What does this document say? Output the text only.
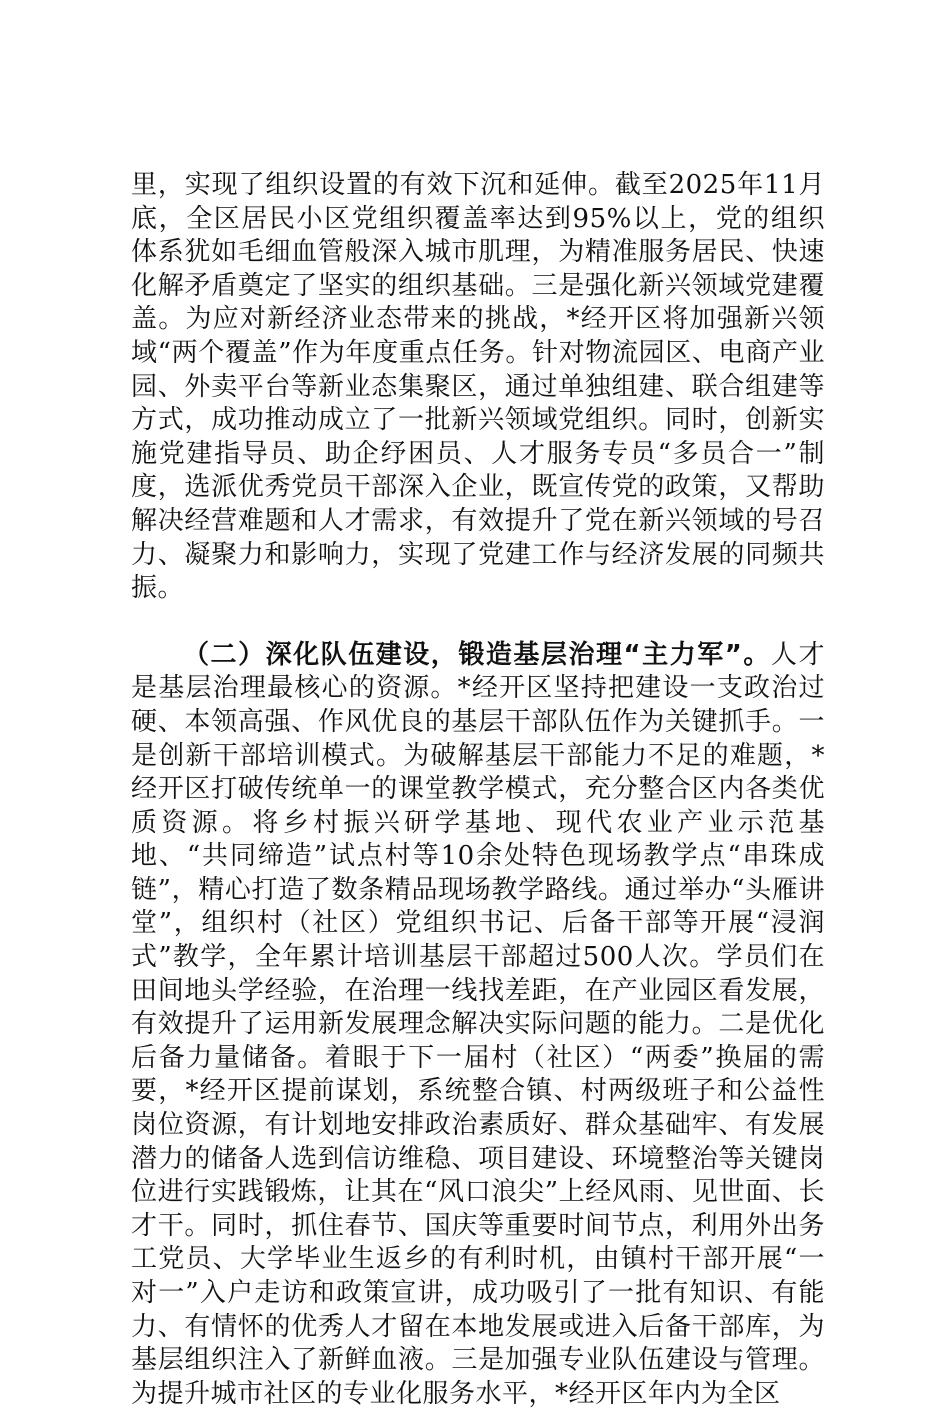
里，实现了组织设置的有效下沉和延伸。截至2025年11月底，全区居民小区党组织覆盖率达到95%以上，党的组织体系犹如毛细血管般深入城市肌理，为精准服务居民、快速化解矛盾奠定了坚实的组织基础。三是强化新兴领域党建覆盖。为应对新经济业态带来的挑战，*经开区将加强新兴领域“两个覆盖”作为年度重点任务。针对物流园区、电商产业园、外卖平台等新业态集聚区，通过单独组建、联合组建等方式，成功推动成立了一批新兴领域党组织。同时，创新实施党建指导员、助企纾困员、人才服务专员“多员合一”制度，选派优秀党员干部深入企业，既宣传党的政策，又帮助解决经营难题和人才需求，有效提升了党在新兴领域的号召力、凝聚力和影响力，实现了党建工作与经济发展的同频共振。

（二）深化队伍建设，锻造基层治理“主力军”。人才是基层治理最核心的资源。*经开区坚持把建设一支政治过硬、本领高强、作风优良的基层干部队伍作为关键抓手。一是创新干部培训模式。为破解基层干部能力不足的难题，*经开区打破传统单一的课堂教学模式，充分整合区内各类优质资源。将乡村振兴研学基地、现代农业产业示范基地、“共同缔造”试点村等10余处特色现场教学点“串珠成链”，精心打造了数条精品现场教学路线。通过举办“头雁讲堂”，组织村（社区）党组织书记、后备干部等开展“浸润式”教学，全年累计培训基层干部超过500人次。学员们在田间地头学经验，在治理一线找差距，在产业园区看发展，有效提升了运用新发展理念解决实际问题的能力。二是优化后备力量储备。着眼于下一届村（社区）“两委”换届的需要，*经开区提前谋划，系统整合镇、村两级班子和公益性岗位资源，有计划地安排政治素质好、群众基础牢、有发展潜力的储备人选到信访维稳、项目建设、环境整治等关键岗位进行实践锻炼，让其在“风口浪尖”上经风雨、见世面、长才干。同时，抓住春节、国庆等重要时间节点，利用外出务工党员、大学毕业生返乡的有利时机，由镇村干部开展“一对一”入户走访和政策宣讲，成功吸引了一批有知识、有能力、有情怀的优秀人才留在本地发展或进入后备干部库，为基层组织注入了新鲜血液。三是加强专业队伍建设与管理。为提升城市社区的专业化服务水平，*经开区年内为全区
